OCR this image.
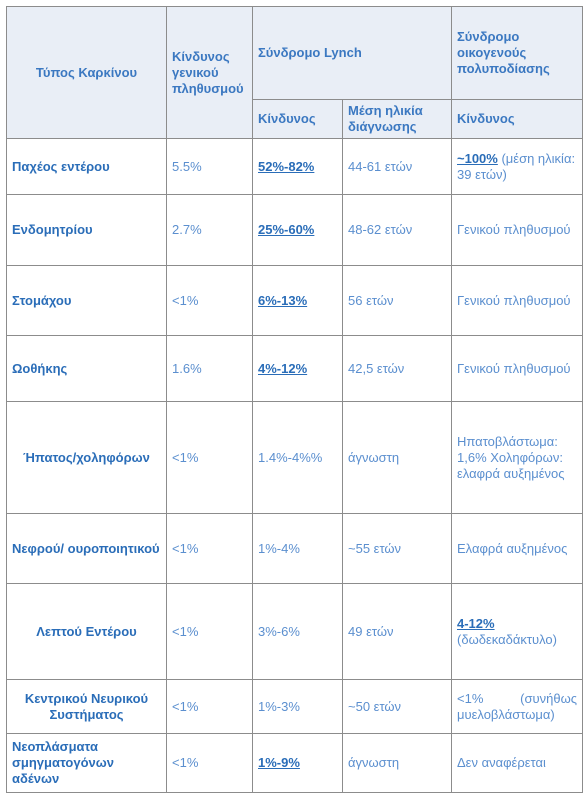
Τύπος Καρκίνου	Κίνδυνος γενικού πληθυσμού	Σύνδρομο Lynch		Σύνδρομο οικογενούς πολυποδίασης
		Κίνδυνος	Μέση ηλικία διάγνωσης	Κίνδυνος
Παχέος εντέρου	5.5%	52%-82%	44-61 ετών	~100% (μέση ηλικία: 39 ετών)
Ενδομητρίου	2.7%	25%-60%	48-62 ετών	Γενικού πληθυσμού
Στομάχου	<1%	6%-13%	56 ετών	Γενικού πληθυσμού
Ωοθήκης	1.6%	4%-12%	42,5 ετών	Γενικού πληθυσμού
Ήπατος/χοληφόρων	<1%	1.4%-4%%	άγνωστη	Ηπατοβλάστωμα: 1,6% Χοληφόρων: ελαφρά αυξημένος
Νεφρού/ ουροποιητικού	<1%	1%-4%	~55 ετών	Ελαφρά αυξημένος
Λεπτού Εντέρου	<1%	3%-6%	49 ετών	4-12%
(δωδεκαδάκτυλο)
Κεντρικού Νευρικού Συστήματος	<1%	1%-3%	~50 ετών	<1% (συνήθως μυελοβλάστωμα)
Νεοπλάσματα σμηγματογόνων αδένων	<1%	1%-9%	άγνωστη	Δεν αναφέρεται
